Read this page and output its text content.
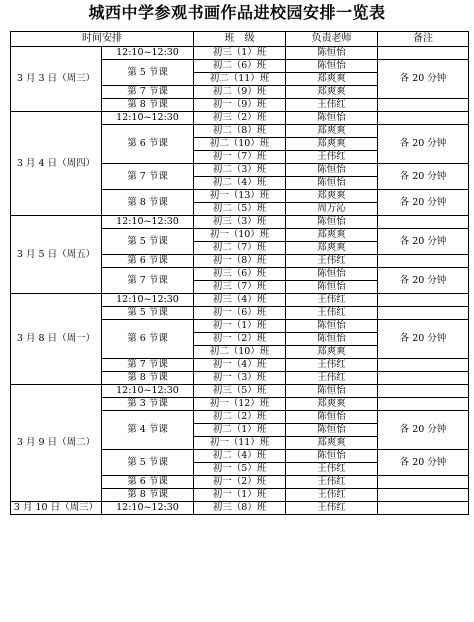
城西中学参观书画作品进校园安排一览表
时间安排		班　级	负责老师	备注
3 月 3 日（周三）	12:10~12:30	初三（1）班	陈恒怡	
	第 5 节课	初二（6）班	陈恒怡	各 20 分钟
		初二（11）班	郑爽爽	
	第 7 节课	初二（9）班	郑爽爽	
	第 8 节课	初一（9）班	王伟红	
3 月 4 日（周四）	12:10~12:30	初三（2）班	陈恒怡	
	第 6 节课	初二（8）班	郑爽爽	各 20 分钟
		初二（10）班	郑爽爽	
		初一（7）班	王伟红	
	第 7 节课	初二（3）班	陈恒怡	各 20 分钟
		初二（4）班	陈恒怡	
	第 8 节课	初一（13）班	郑爽爽	各 20 分钟
		初二（5）班	周万沁	
3 月 5 日（周五）	12:10~12:30	初三（3）班	陈恒怡	
	第 5 节课	初一（10）班	郑爽爽	各 20 分钟
		初二（7）班	郑爽爽	
	第 6 节课	初一（8）班	王伟红	
	第 7 节课	初三（6）班	陈恒怡	各 20 分钟
		初三（7）班	陈恒怡	
3 月 8 日（周一）	12:10~12:30	初三（4）班	王伟红	
	第 5 节课	初一（6）班	王伟红	
	第 6 节课	初一（1）班	陈恒怡	各 20 分钟
		初一（2）班	陈恒怡	
		初二（10）班	郑爽爽	
	第 7 节课	初一（4）班	王伟红	
	第 8 节课	初一（3）班	王伟红	
3 月 9 日（周二）	12:10~12:30	初三（5）班	陈恒怡	
	第 3 节课	初一（12）班	郑爽爽	
	第 4 节课	初二（2）班	陈恒怡	各 20 分钟
		初二（1）班	陈恒怡	
		初一（11）班	郑爽爽	
	第 5 节课	初二（4）班	陈恒怡	各 20 分钟
		初一（5）班	王伟红	
	第 6 节课	初一（2）班	王伟红	
	第 8 节课	初一（1）班	王伟红	
3 月 10 日（周三）	12:10~12:30	初三（8）班	王伟红	
